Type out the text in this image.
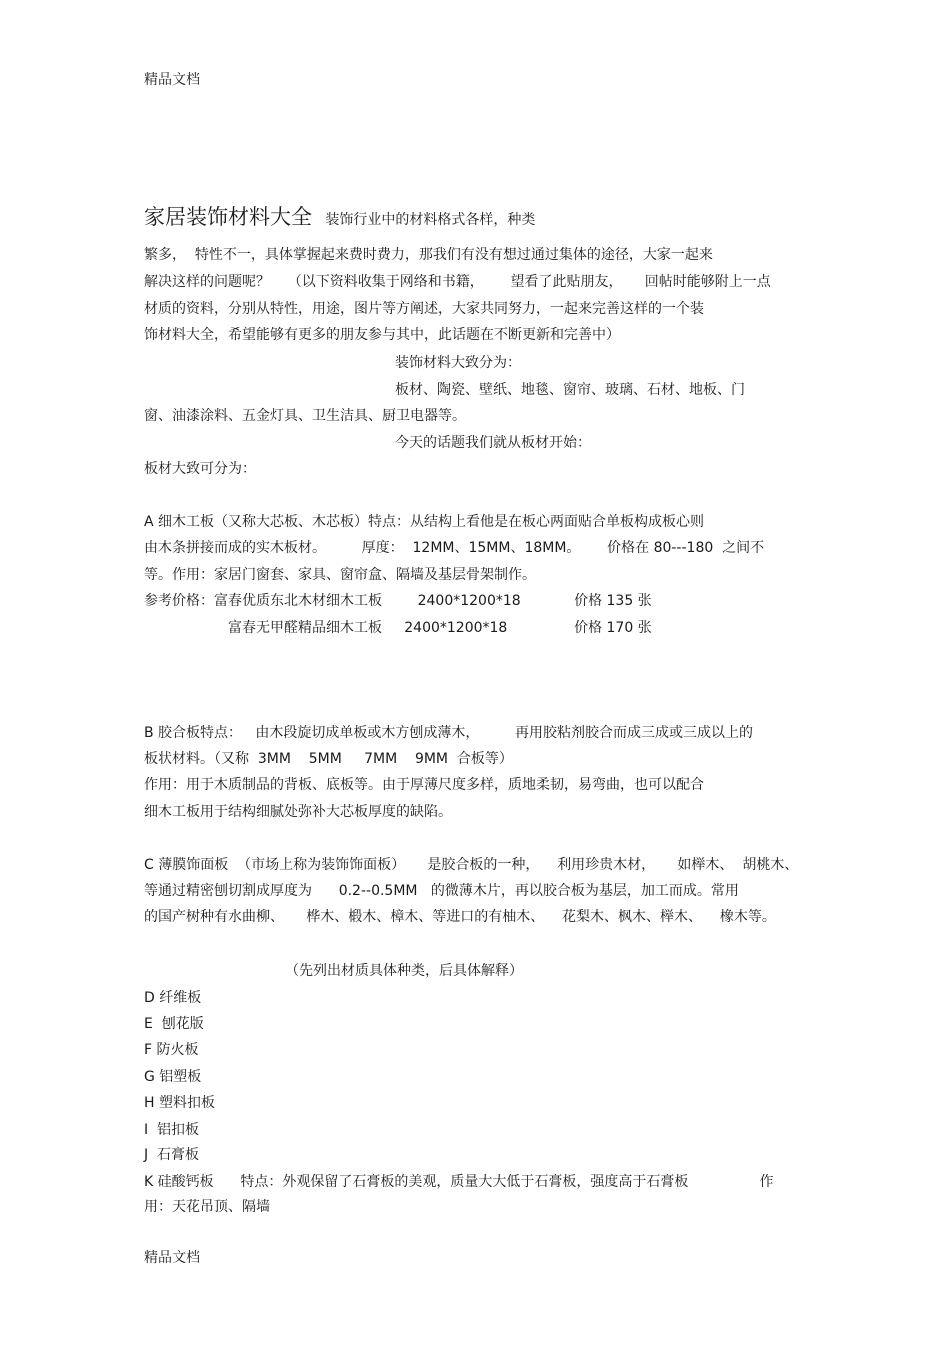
精品文档
家居装饰材料大全   装饰行业中的材料格式各样，种类
繁多，  特性不一，具体掌握起来费时费力，那我们有没有想过通过集体的途径，大家一起来
解决这样的问题呢？    （以下资料收集于网络和书籍，      望看了此贴朋友，     回帖时能够附上一点
材质的资料，分别从特性，用途，图片等方阐述，大家共同努力，一起来完善这样的一个装
饰材料大全，希望能够有更多的朋友参与其中，此话题在不断更新和完善中）
装饰材料大致分为：
板材、陶瓷、壁纸、地毯、窗帘、玻璃、石材、地板、门
窗、油漆涂料、五金灯具、卫生洁具、厨卫电器等。
今天的话题我们就从板材开始：
板材大致可分为：
A 细木工板（又称大芯板、木芯板）特点：从结构上看他是在板心两面贴合单板构成板心则
由木条拼接而成的实木板材。        厚度：  12MM、15MM、18MM。      价格在 80---180  之间不
等。作用：家居门窗套、家具、窗帘盒、隔墙及基层骨架制作。
参考价格：富春优质东北木材细木工板        2400*1200*18            价格 135 张
富春无甲醛精品细木工板     2400*1200*18               价格 170 张
B 胶合板特点：   由木段旋切成单板或木方刨成薄木，        再用胶粘剂胶合而成三成或三成以上的
板状材料。（又称  3MM    5MM     7MM    9MM  合板等）
作用：用于木质制品的背板、底板等。由于厚薄尺度多样，质地柔韧，易弯曲，也可以配合
细木工板用于结构细腻处弥补大芯板厚度的缺陷。
C 薄膜饰面板  （市场上称为装饰饰面板）     是胶合板的一种，    利用珍贵木材，     如榉木、  胡桃木、
等通过精密刨切割成厚度为      0.2--0.5MM   的微薄木片，再以胶合板为基层，加工而成。常用
的国产树种有水曲柳、     桦木、椴木、樟木、等进口的有柚木、    花梨木、枫木、榉木、    橡木等。
（先列出材质具体种类，后具体解释）
D 纤维板
E  刨花版
F 防火板
G 铝塑板
H 塑料扣板
I  铝扣板
J  石膏板
K 硅酸钙板      特点：外观保留了石膏板的美观，质量大大低于石膏板，强度高于石膏板                作
用：天花吊顶、隔墙
精品文档
